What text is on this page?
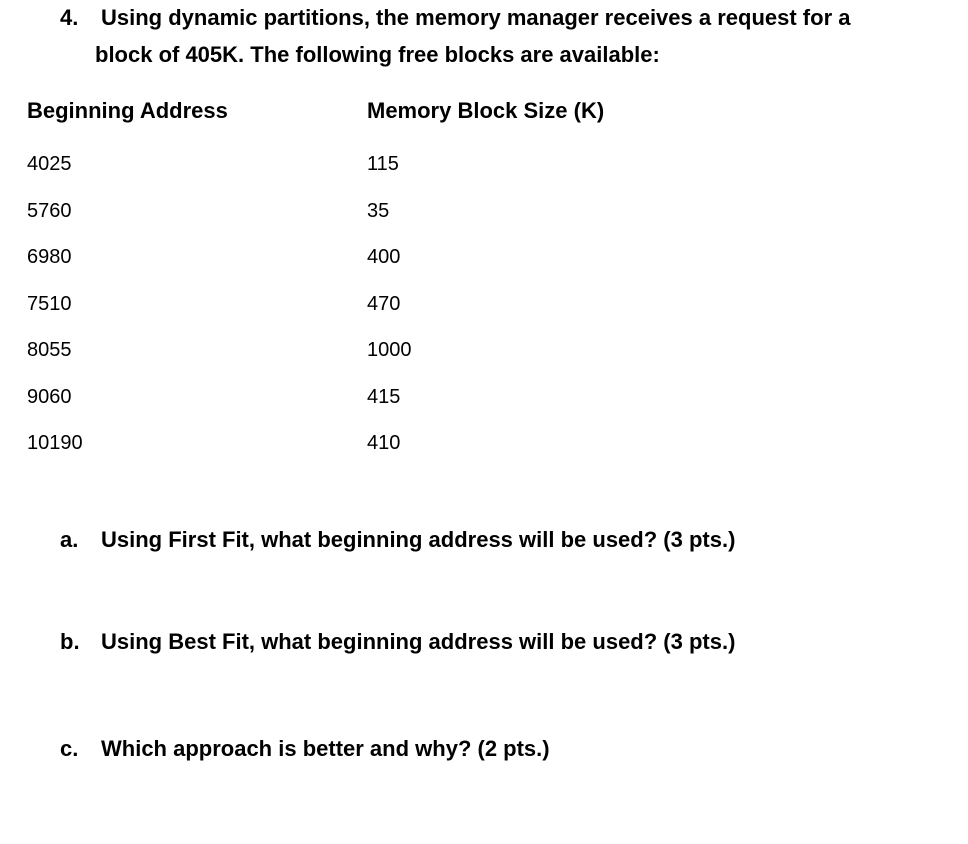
4. Using dynamic partitions, the memory manager receives a request for a
block of 405K. The following free blocks are available:
Beginning Address	Memory Block Size (K)
4025	115
5760	35
6980	400
7510	470
8055	1000
9060	415
10190	410
a. Using First Fit, what beginning address will be used? (3 pts.)
b. Using Best Fit, what beginning address will be used? (3 pts.)
c. Which approach is better and why? (2 pts.)
